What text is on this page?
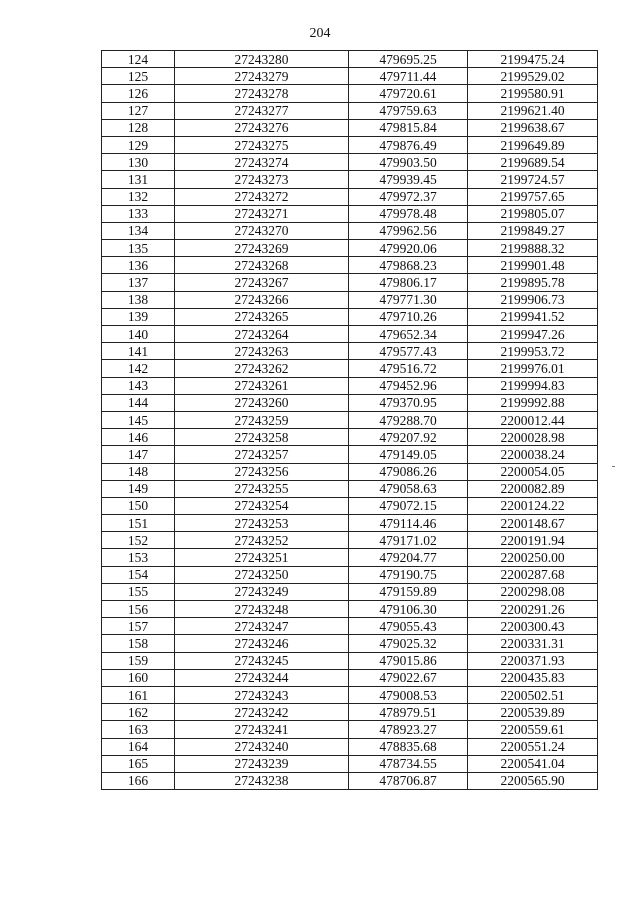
204
124	27243280	479695.25	2199475.24
125	27243279	479711.44	2199529.02
126	27243278	479720.61	2199580.91
127	27243277	479759.63	2199621.40
128	27243276	479815.84	2199638.67
129	27243275	479876.49	2199649.89
130	27243274	479903.50	2199689.54
131	27243273	479939.45	2199724.57
132	27243272	479972.37	2199757.65
133	27243271	479978.48	2199805.07
134	27243270	479962.56	2199849.27
135	27243269	479920.06	2199888.32
136	27243268	479868.23	2199901.48
137	27243267	479806.17	2199895.78
138	27243266	479771.30	2199906.73
139	27243265	479710.26	2199941.52
140	27243264	479652.34	2199947.26
141	27243263	479577.43	2199953.72
142	27243262	479516.72	2199976.01
143	27243261	479452.96	2199994.83
144	27243260	479370.95	2199992.88
145	27243259	479288.70	2200012.44
146	27243258	479207.92	2200028.98
147	27243257	479149.05	2200038.24
148	27243256	479086.26	2200054.05
149	27243255	479058.63	2200082.89
150	27243254	479072.15	2200124.22
151	27243253	479114.46	2200148.67
152	27243252	479171.02	2200191.94
153	27243251	479204.77	2200250.00
154	27243250	479190.75	2200287.68
155	27243249	479159.89	2200298.08
156	27243248	479106.30	2200291.26
157	27243247	479055.43	2200300.43
158	27243246	479025.32	2200331.31
159	27243245	479015.86	2200371.93
160	27243244	479022.67	2200435.83
161	27243243	479008.53	2200502.51
162	27243242	478979.51	2200539.89
163	27243241	478923.27	2200559.61
164	27243240	478835.68	2200551.24
165	27243239	478734.55	2200541.04
166	27243238	478706.87	2200565.90
